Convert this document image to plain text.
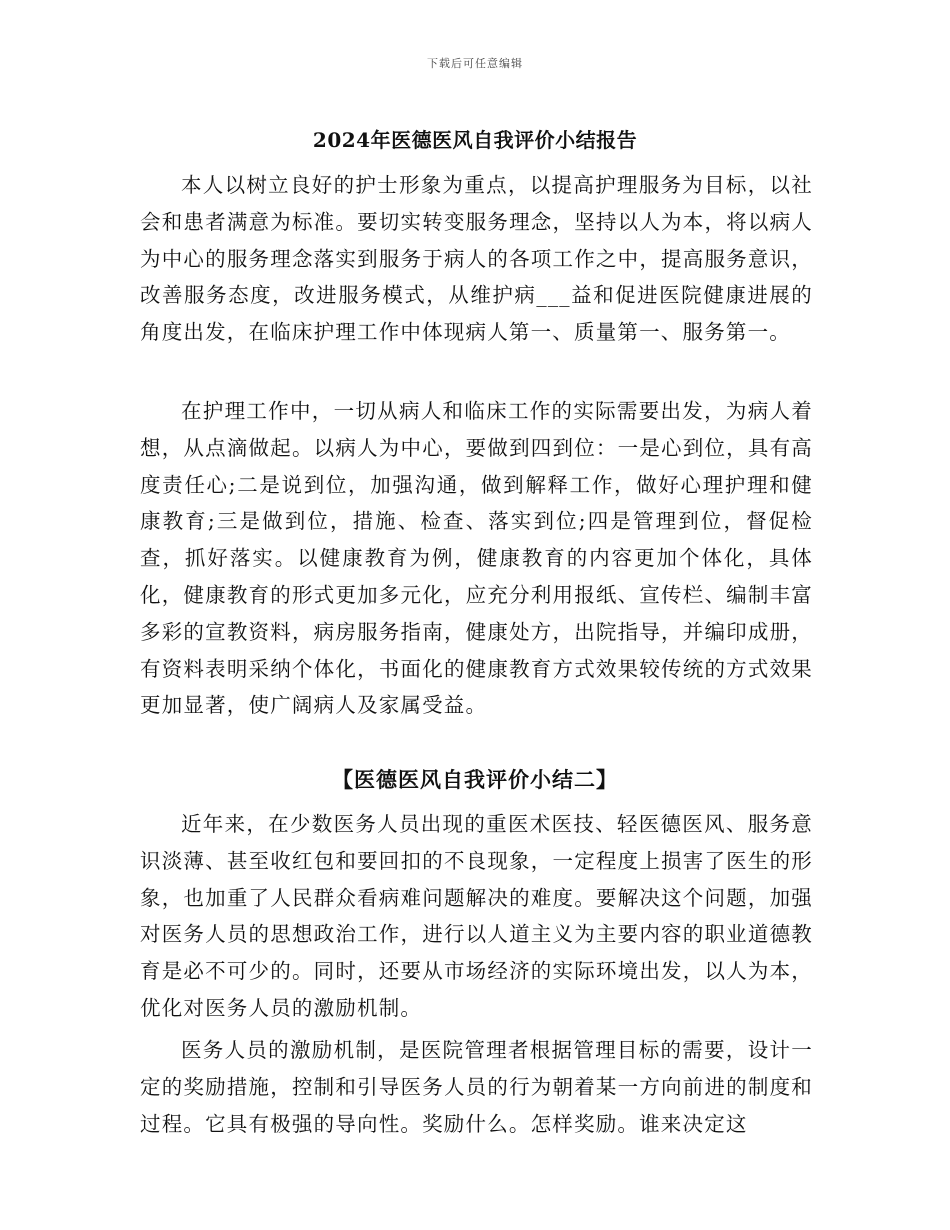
下载后可任意编辑
2024年医德医风自我评价小结报告

本人以树立良好的护士形象为重点，以提高护理服务为目标，以社会和患者满意为标准。要切实转变服务理念，坚持以人为本，将以病人为中心的服务理念落实到服务于病人的各项工作之中，提高服务意识，改善服务态度，改进服务模式，从维护病___益和促进医院健康进展的角度出发，在临床护理工作中体现病人第一、质量第一、服务第一。

在护理工作中，一切从病人和临床工作的实际需要出发，为病人着想，从点滴做起。以病人为中心，要做到四到位：一是心到位，具有高度责任心;二是说到位，加强沟通，做到解释工作，做好心理护理和健康教育;三是做到位，措施、检查、落实到位;四是管理到位，督促检查，抓好落实。以健康教育为例，健康教育的内容更加个体化，具体化，健康教育的形式更加多元化，应充分利用报纸、宣传栏、编制丰富多彩的宣教资料，病房服务指南，健康处方，出院指导，并编印成册，有资料表明采纳个体化，书面化的健康教育方式效果较传统的方式效果更加显著，使广阔病人及家属受益。

【医德医风自我评价小结二】

近年来，在少数医务人员出现的重医术医技、轻医德医风、服务意识淡薄、甚至收红包和要回扣的不良现象，一定程度上损害了医生的形象，也加重了人民群众看病难问题解决的难度。要解决这个问题，加强对医务人员的思想政治工作，进行以人道主义为主要内容的职业道德教育是必不可少的。同时，还要从市场经济的实际环境出发，以人为本，优化对医务人员的激励机制。

医务人员的激励机制，是医院管理者根据管理目标的需要，设计一定的奖励措施，控制和引导医务人员的行为朝着某一方向前进的制度和过程。它具有极强的导向性。奖励什么。怎样奖励。谁来决定这
